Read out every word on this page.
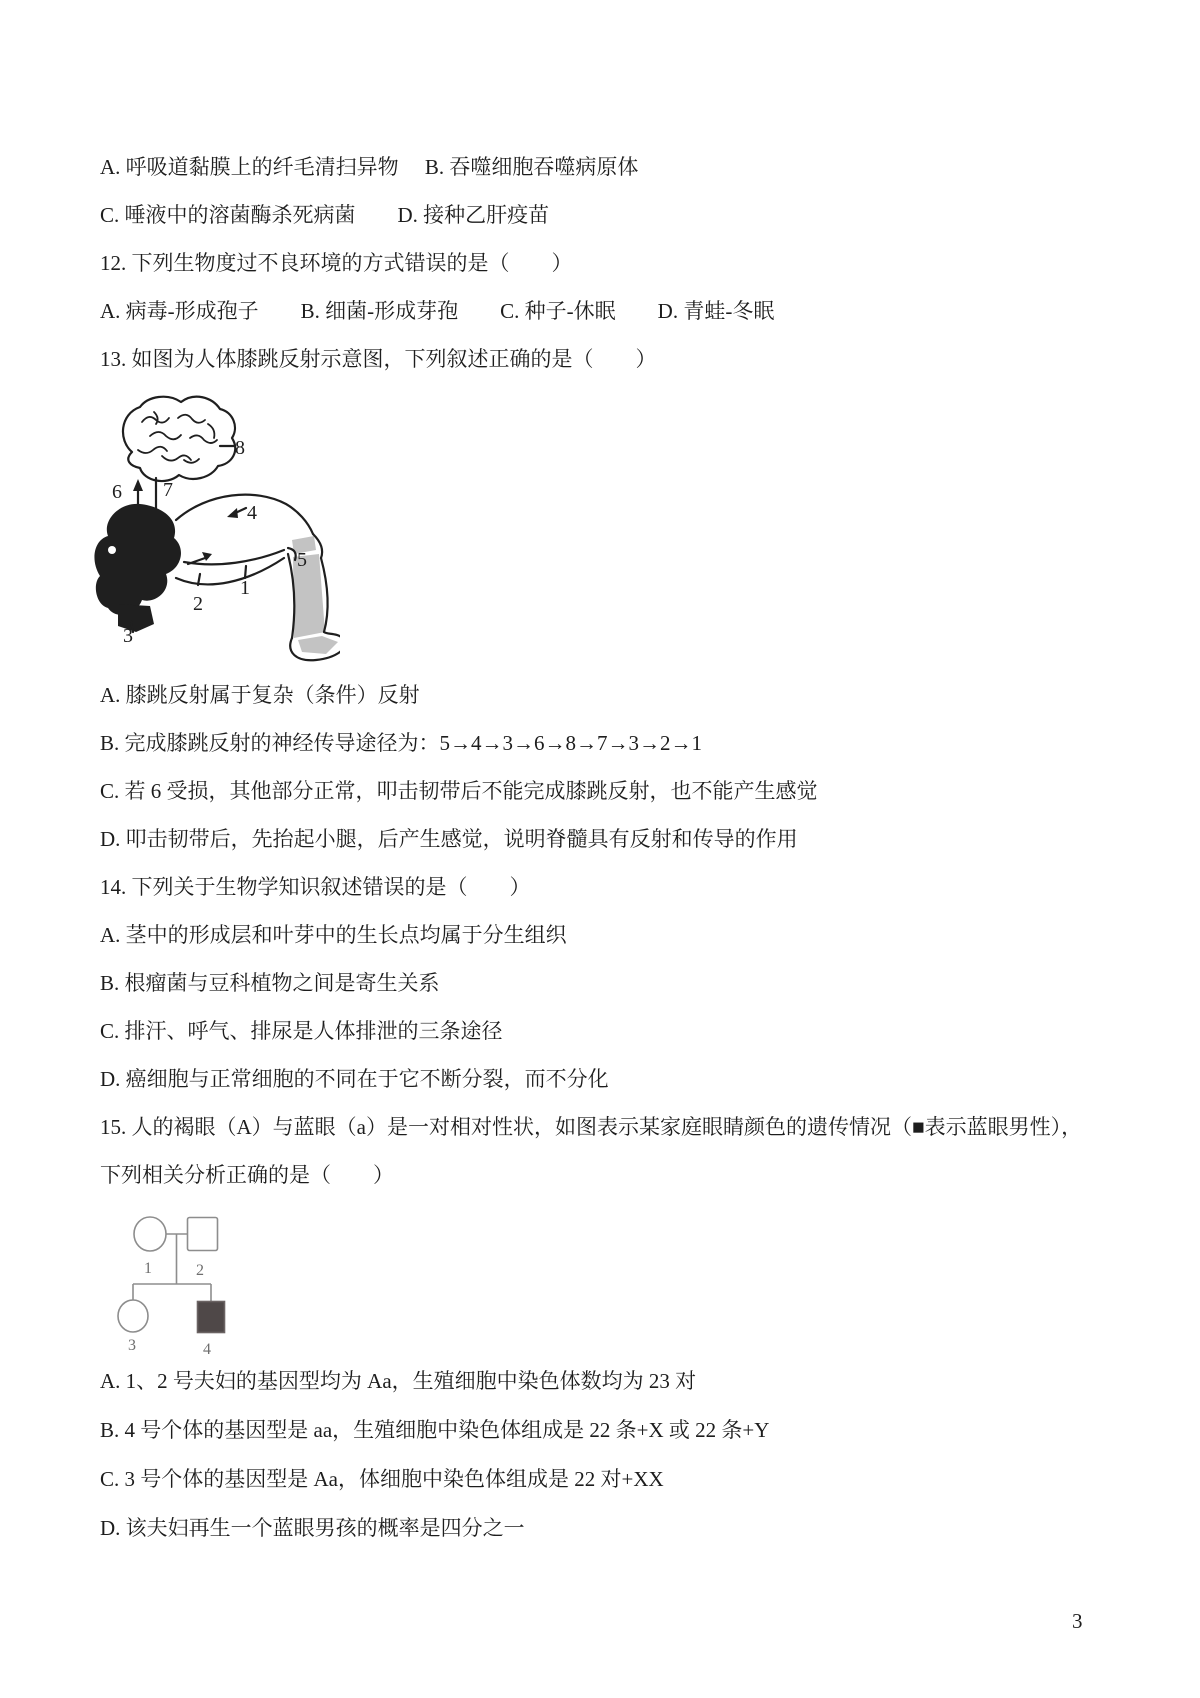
A. 呼吸道黏膜上的纤毛清扫异物　 B. 吞噬细胞吞噬病原体

C. 唾液中的溶菌酶杀死病菌　　D. 接种乙肝疫苗

12. 下列生物度过不良环境的方式错误的是（　　）

A. 病毒-形成孢子　　B. 细菌-形成芽孢　　C. 种子-休眠　　D. 青蛙-冬眠

13. 如图为人体膝跳反射示意图，下列叙述正确的是（　　）

8
6 7
4
5
1
2
3

A. 膝跳反射属于复杂（条件）反射

B. 完成膝跳反射的神经传导途径为：5→4→3→6→8→7→3→2→1

C. 若 6 受损，其他部分正常，叩击韧带后不能完成膝跳反射，也不能产生感觉

D. 叩击韧带后，先抬起小腿，后产生感觉，说明脊髓具有反射和传导的作用

14. 下列关于生物学知识叙述错误的是（　　）

A. 茎中的形成层和叶芽中的生长点均属于分生组织

B. 根瘤菌与豆科植物之间是寄生关系

C. 排汗、呼气、排尿是人体排泄的三条途径

D. 癌细胞与正常细胞的不同在于它不断分裂，而不分化

15. 人的褐眼（A）与蓝眼（a）是一对相对性状，如图表示某家庭眼睛颜色的遗传情况（■表示蓝眼男性），

下列相关分析正确的是（　　）

1	2
3	4

A. 1、2 号夫妇的基因型均为 Aa，生殖细胞中染色体数均为 23 对

B. 4 号个体的基因型是 aa，生殖细胞中染色体组成是 22 条+X 或 22 条+Y

C. 3 号个体的基因型是 Aa，体细胞中染色体组成是 22 对+XX

D. 该夫妇再生一个蓝眼男孩的概率是四分之一

3
